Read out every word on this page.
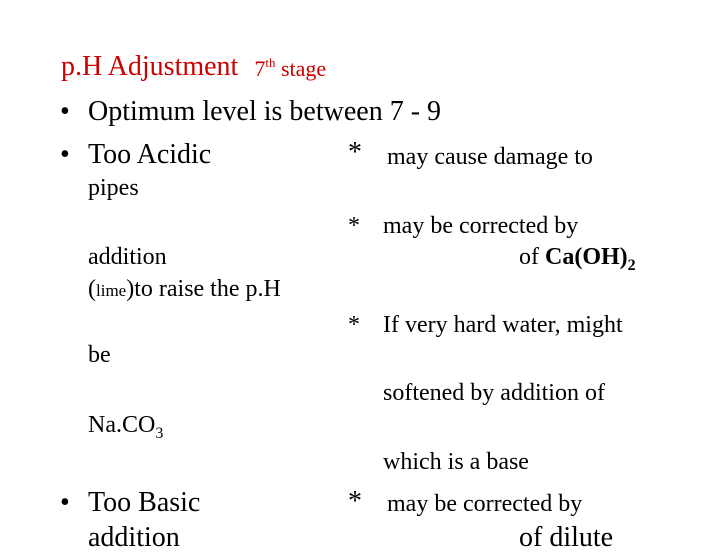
p.H Adjustment 7th stage
• Optimum level is between 7 - 9
• Too Acidic	* may cause damage to
pipes
* may be corrected by
addition	of $Ca(OH)_2$
(lime)to raise the p.H
* If very hard water, might
be
softened by addition of
$Na.CO_3$
which is a base
• Too Basic	* may be corrected by
addition	of dilute
